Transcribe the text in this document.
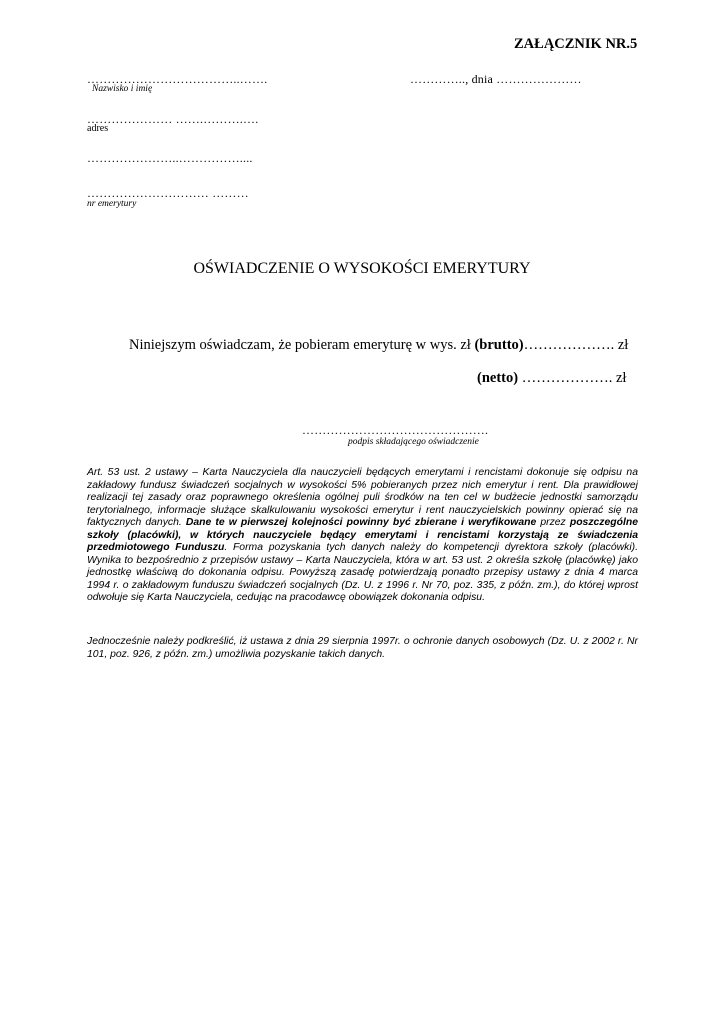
ZAŁĄCZNIK NR.5
………………………………..…….
Nazwisko i imię
………….., dnia …………………
………………… …….……….….
adres
…………………..……………....
………………………… ………
nr emerytury
OŚWIADCZENIE O WYSOKOŚCI EMERYTURY
Niniejszym oświadczam, że pobieram emeryturę w wys. zł (brutto)………………. zł
(netto) ………………. zł
……………………………………….
podpis składającego oświadczenie
Art. 53 ust. 2 ustawy – Karta Nauczyciela dla nauczycieli będących emerytami i rencistami dokonuje się odpisu na zakładowy fundusz świadczeń socjalnych w wysokości 5% pobieranych przez nich emerytur i rent. Dla prawidłowej realizacji tej zasady oraz poprawnego określenia ogólnej puli środków na ten cel w budżecie jednostki samorządu terytorialnego, informacje służące skalkulowaniu wysokości emerytur i rent nauczycielskich powinny opierać się na faktycznych danych. Dane te w pierwszej kolejności powinny być zbierane i weryfikowane przez poszczególne szkoły (placówki), w których nauczyciele będący emerytami i rencistami korzystają ze świadczenia przedmiotowego Funduszu. Forma pozyskania tych danych należy do kompetencji dyrektora szkoły (placówki). Wynika to bezpośrednio z przepisów ustawy – Karta Nauczyciela, która w art. 53 ust. 2 określa szkołę (placówkę) jako jednostkę właściwą do dokonania odpisu. Powyższą zasadę potwierdzają ponadto przepisy ustawy z dnia 4 marca 1994 r. o zakładowym funduszu świadczeń socjalnych (Dz. U. z 1996 r. Nr 70, poz. 335, z późn. zm.), do której wprost odwołuje się Karta Nauczyciela, cedując na pracodawcę obowiązek dokonania odpisu.
Jednocześnie należy podkreślić, iż ustawa z dnia 29 sierpnia 1997r. o ochronie danych osobowych (Dz. U. z 2002 r. Nr 101, poz. 926, z późn. zm.) umożliwia pozyskanie takich danych.
